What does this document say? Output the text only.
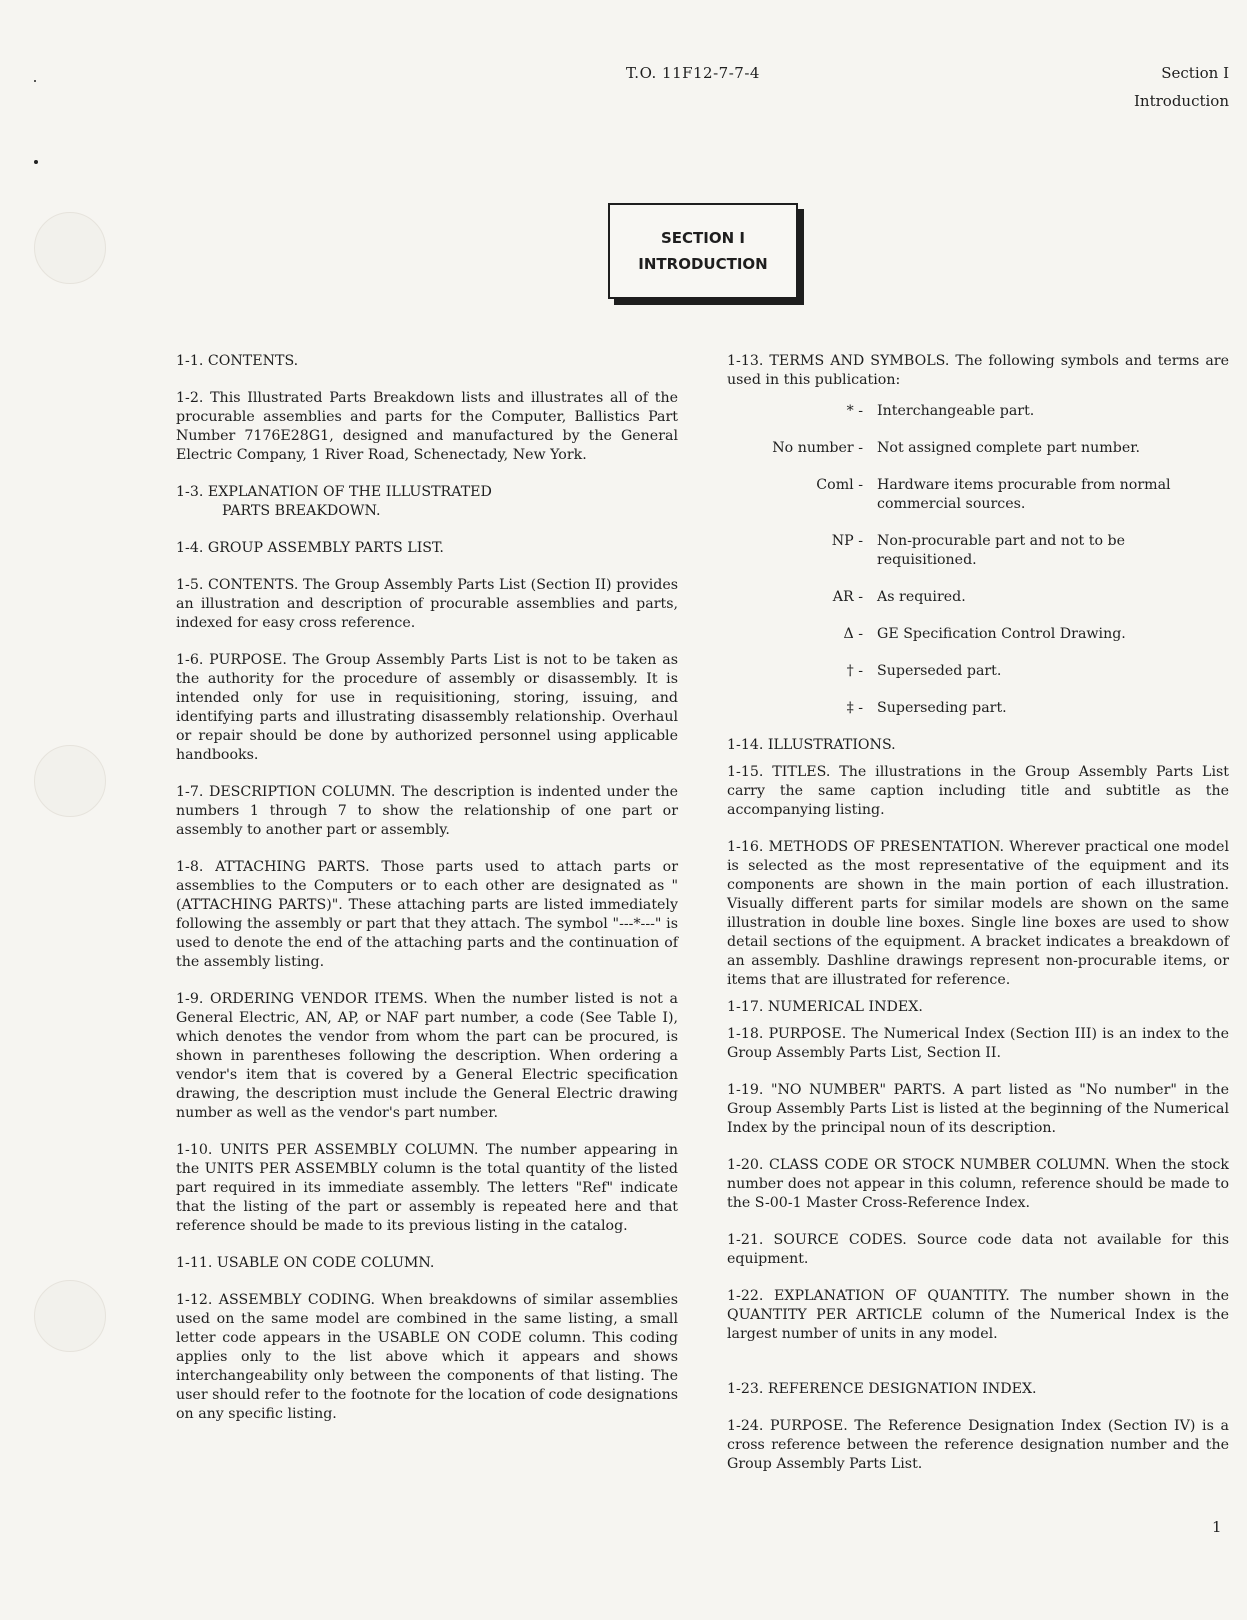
T.O. 11F12-7-7-4	Section I
Introduction
SECTION I
INTRODUCTION

1-1. CONTENTS.

1-2. This Illustrated Parts Breakdown lists and illustrates all of the procurable assemblies and parts for the Computer, Ballistics Part Number 7176E28G1, designed and manufactured by the General Electric Company, 1 River Road, Schenectady, New York.

1-3. EXPLANATION OF THE ILLUSTRATED
PARTS BREAKDOWN.

1-4. GROUP ASSEMBLY PARTS LIST.

1-5. CONTENTS. The Group Assembly Parts List (Section II) provides an illustration and description of procurable assemblies and parts, indexed for easy cross reference.

1-6. PURPOSE. The Group Assembly Parts List is not to be taken as the authority for the procedure of assembly or disassembly. It is intended only for use in requisitioning, storing, issuing, and identifying parts and illustrating disassembly relationship. Overhaul or repair should be done by authorized personnel using applicable handbooks.

1-7. DESCRIPTION COLUMN. The description is indented under the numbers 1 through 7 to show the relationship of one part or assembly to another part or assembly.

1-8. ATTACHING PARTS. Those parts used to attach parts or assemblies to the Computers or to each other are designated as "(ATTACHING PARTS)". These attaching parts are listed immediately following the assembly or part that they attach. The symbol "---*---" is used to denote the end of the attaching parts and the continuation of the assembly listing.

1-9. ORDERING VENDOR ITEMS. When the number listed is not a General Electric, AN, AP, or NAF part number, a code (See Table I), which denotes the vendor from whom the part can be procured, is shown in parentheses following the description. When ordering a vendor's item that is covered by a General Electric specification drawing, the description must include the General Electric drawing number as well as the vendor's part number.

1-10. UNITS PER ASSEMBLY COLUMN. The number appearing in the UNITS PER ASSEMBLY column is the total quantity of the listed part required in its immediate assembly. The letters "Ref" indicate that the listing of the part or assembly is repeated here and that reference should be made to its previous listing in the catalog.

1-11. USABLE ON CODE COLUMN.

1-12. ASSEMBLY CODING. When breakdowns of similar assemblies used on the same model are combined in the same listing, a small letter code appears in the USABLE ON CODE column. This coding applies only to the list above which it appears and shows interchangeability only between the components of that listing. The user should refer to the footnote for the location of code designations on any specific listing.

1-13. TERMS AND SYMBOLS. The following symbols and terms are used in this publication:

* - Interchangeable part.
No number - Not assigned complete part number.
Coml - Hardware items procurable from normal commercial sources.
NP - Non-procurable part and not to be requisitioned.
AR - As required.
Δ - GE Specification Control Drawing.
† - Superseded part.
‡ - Superseding part.

1-14. ILLUSTRATIONS.

1-15. TITLES. The illustrations in the Group Assembly Parts List carry the same caption including title and subtitle as the accompanying listing.

1-16. METHODS OF PRESENTATION. Wherever practical one model is selected as the most representative of the equipment and its components are shown in the main portion of each illustration. Visually different parts for similar models are shown on the same illustration in double line boxes. Single line boxes are used to show detail sections of the equipment. A bracket indicates a breakdown of an assembly. Dashline drawings represent non-procurable items, or items that are illustrated for reference.

1-17. NUMERICAL INDEX.

1-18. PURPOSE. The Numerical Index (Section III) is an index to the Group Assembly Parts List, Section II.

1-19. "NO NUMBER" PARTS. A part listed as "No number" in the Group Assembly Parts List is listed at the beginning of the Numerical Index by the principal noun of its description.

1-20. CLASS CODE OR STOCK NUMBER COLUMN. When the stock number does not appear in this column, reference should be made to the S-00-1 Master Cross-Reference Index.

1-21. SOURCE CODES. Source code data not available for this equipment.

1-22. EXPLANATION OF QUANTITY. The number shown in the QUANTITY PER ARTICLE column of the Numerical Index is the largest number of units in any model.

1-23. REFERENCE DESIGNATION INDEX.

1-24. PURPOSE. The Reference Designation Index (Section IV) is a cross reference between the reference designation number and the Group Assembly Parts List.

1
